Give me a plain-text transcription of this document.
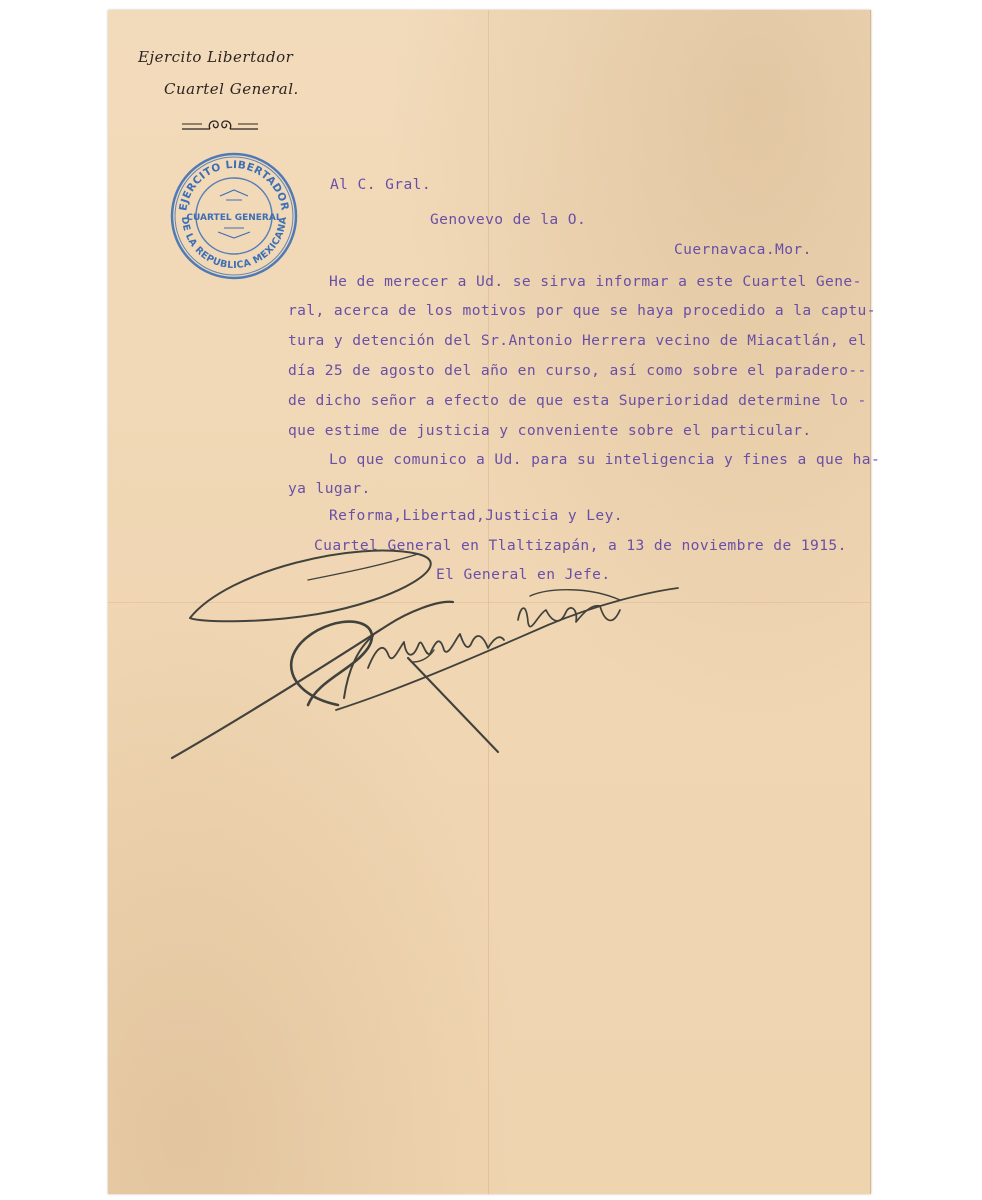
Ejercito Libertador
Cuartel General.
EJERCITO LIBERTADOR
DE LA REPUBLICA MEXICANA
CUARTEL GENERAL
Al C. Gral.
Genovevo de la O.
Cuernavaca.Mor.
He de merecer a Ud. se sirva informar a este Cuartel Gene-
ral, acerca de los motivos por que se haya procedido a la captu-
tura y detención del Sr.Antonio Herrera vecino de Miacatlán, el
día 25 de agosto del año en curso, así como sobre el paradero--
de dicho señor a efecto de que esta Superioridad determine lo -
que estime de justicia y conveniente sobre el particular.
Lo que comunico a Ud. para su inteligencia y fines a que ha-
ya lugar.
Reforma,Libertad,Justicia y Ley.
Cuartel General en Tlaltizapán, a 13 de noviembre de 1915.
El General en Jefe.
